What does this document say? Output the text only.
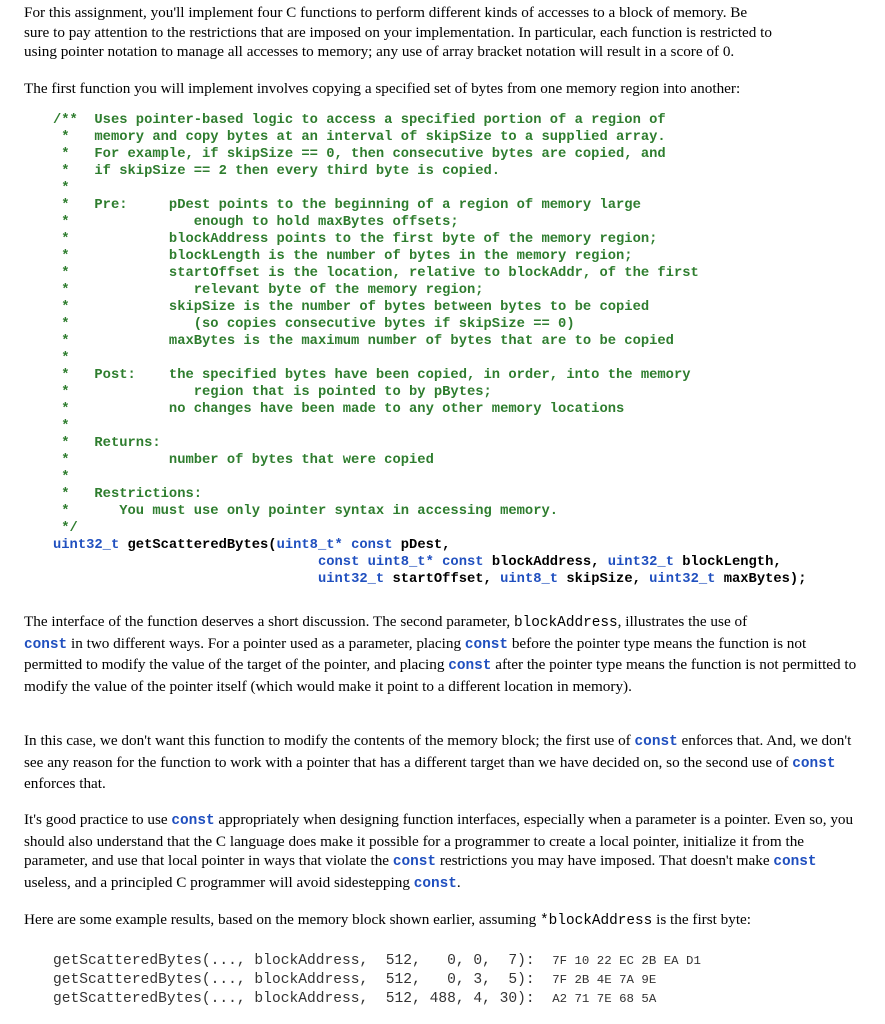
For this assignment, you'll implement four C functions to perform different kinds of accesses to a block of memory. Be
sure to pay attention to the restrictions that are imposed on your implementation. In particular, each function is restricted to
using pointer notation to manage all accesses to memory; any use of array bracket notation will result in a score of 0.

The first function you will implement involves copying a specified set of bytes from one memory region into another:

/**  Uses pointer-based logic to access a specified portion of a region of
*   memory and copy bytes at an interval of skipSize to a supplied array.
*   For example, if skipSize == 0, then consecutive bytes are copied, and
*   if skipSize == 2 then every third byte is copied.
*
*   Pre:     pDest points to the beginning of a region of memory large
*               enough to hold maxBytes offsets;
*            blockAddress points to the first byte of the memory region;
*            blockLength is the number of bytes in the memory region;
*            startOffset is the location, relative to blockAddr, of the first
*               relevant byte of the memory region;
*            skipSize is the number of bytes between bytes to be copied
*               (so copies consecutive bytes if skipSize == 0)
*            maxBytes is the maximum number of bytes that are to be copied
*
*   Post:    the specified bytes have been copied, in order, into the memory
*               region that is pointed to by pBytes;
*            no changes have been made to any other memory locations
*
*   Returns:
*            number of bytes that were copied
*
*   Restrictions:
*      You must use only pointer syntax in accessing memory.
*/
uint32_t getScatteredBytes(uint8_t* const pDest,
const uint8_t* const blockAddress, uint32_t blockLength,
uint32_t startOffset, uint8_t skipSize, uint32_t maxBytes);

The interface of the function deserves a short discussion. The second parameter, blockAddress, illustrates the use of
const in two different ways. For a pointer used as a parameter, placing const before the pointer type means the function is not permitted to modify the value of the target of the pointer, and placing const after the pointer type means the function is not permitted to modify the value of the pointer itself (which would make it point to a different location in memory).

In this case, we don't want this function to modify the contents of the memory block; the first use of const enforces that. And, we don't see any reason for the function to work with a pointer that has a different target than we have decided on, so the second use of const enforces that.

It's good practice to use const appropriately when designing function interfaces, especially when a parameter is a pointer. Even so, you should also understand that the C language does make it possible for a programmer to create a local pointer, initialize it from the parameter, and use that local pointer in ways that violate the const restrictions you may have imposed. That doesn't make const useless, and a principled C programmer will avoid sidestepping const.

Here are some example results, based on the memory block shown earlier, assuming *blockAddress is the first byte:

getScatteredBytes(..., blockAddress,  512,   0, 0,  7):  7F 10 22 EC 2B EA D1
getScatteredBytes(..., blockAddress,  512,   0, 3,  5):  7F 2B 4E 7A 9E
getScatteredBytes(..., blockAddress,  512, 488, 4, 30):  A2 71 7E 68 5A
